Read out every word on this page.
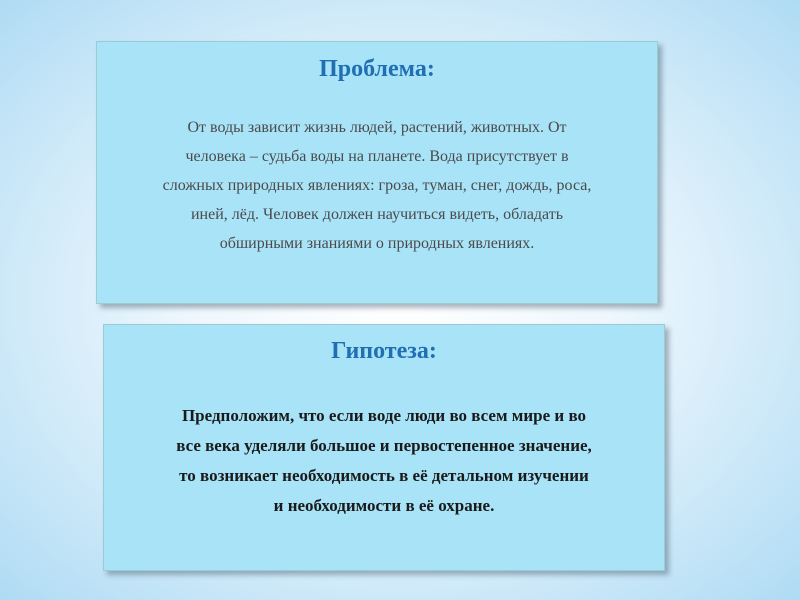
Проблема:
От воды зависит жизнь людей, растений, животных. От
человека – судьба воды на планете. Вода присутствует в
сложных природных явлениях: гроза, туман, снег, дождь, роса,
иней, лёд. Человек должен научиться видеть, обладать
обширными знаниями о природных явлениях.
Гипотеза:
Предположим, что если воде люди во всем мире и во
все века уделяли большое и первостепенное значение,
то возникает необходимость в её детальном изучении
и необходимости в её охране.
